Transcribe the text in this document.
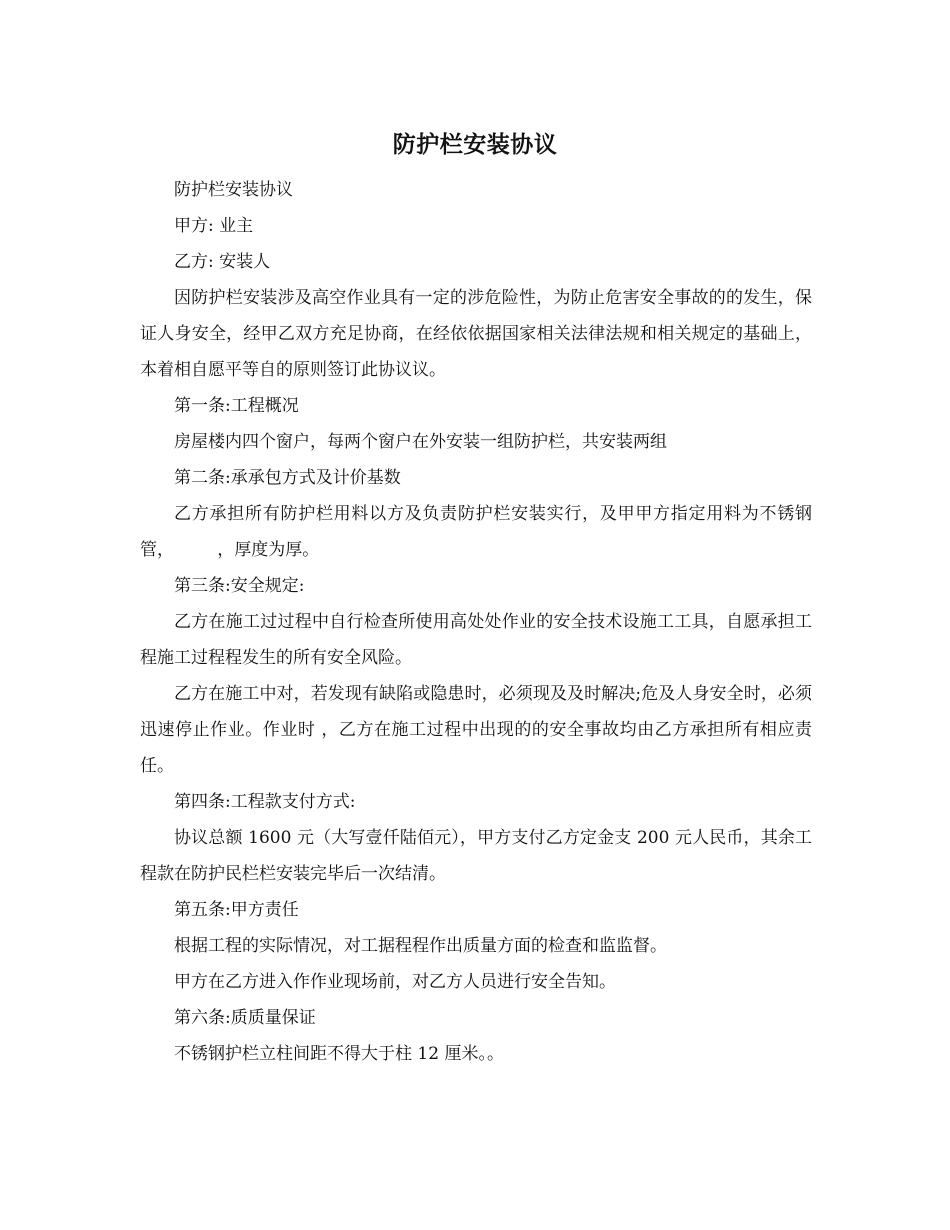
防护栏安装协议

防护栏安装协议

甲方: 业主

乙方: 安装人

因防护栏安装涉及高空作业具有一定的涉危险性，为防止危害安全事故的的发生，保证人身安全，经甲乙双方充足协商，在经依依据国家相关法律法规和相关规定的基础上，本着相自愿平等自的原则签订此协议议。

第一条:工程概况

房屋楼内四个窗户，每两个窗户在外安装一组防护栏，共安装两组

第二条:承承包方式及计价基数

乙方承担所有防护栏用料以方及负责防护栏安装实行，及甲甲方指定用料为不锈钢管，        ，厚度为厚。

第三条:安全规定:

乙方在施工过过程中自行检查所使用高处处作业的安全技术设施工工具，自愿承担工程施工过程程发生的所有安全风险。

乙方在施工中对，若发现有缺陷或隐患时，必须现及及时解决;危及人身安全时，必须迅速停止作业。作业时 ，乙方在施工过程中出现的的安全事故均由乙方承担所有相应责任。

第四条:工程款支付方式:

协议总额 1600 元（大写壹仟陆佰元），甲方支付乙方定金支 200 元人民币，其余工程款在防护民栏栏安装完毕后一次结清。

第五条:甲方责任

根据工程的实际情况，对工据程程作出质量方面的检查和监监督。

甲方在乙方进入作作业现场前，对乙方人员进行安全告知。

第六条:质质量保证

不锈钢护栏立柱间距不得大于柱 12 厘米。。
